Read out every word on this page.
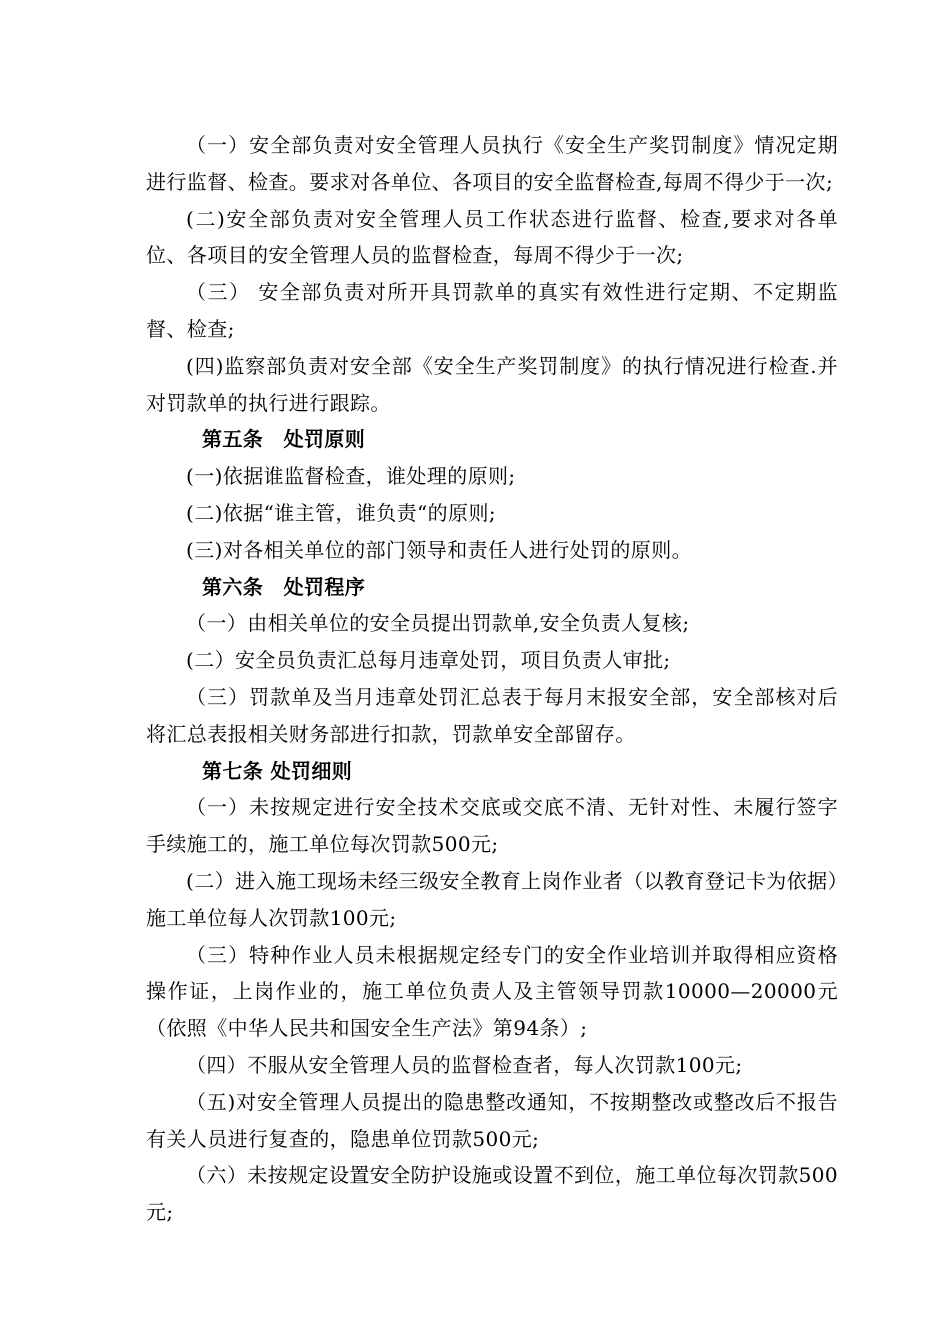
（一）安全部负责对安全管理人员执行《安全生产奖罚制度》情况定期进行监督、检查。要求对各单位、各项目的安全监督检查,每周不得少于一次;

(二)安全部负责对安全管理人员工作状态进行监督、检查,要求对各单位、各项目的安全管理人员的监督检查，每周不得少于一次;

（三） 安全部负责对所开具罚款单的真实有效性进行定期、不定期监督、检查;

(四)监察部负责对安全部《安全生产奖罚制度》的执行情况进行检查.并对罚款单的执行进行跟踪。

第五条　处罚原则

(一)依据谁监督检查，谁处理的原则;

(二)依据“谁主管，谁负责“的原则;

(三)对各相关单位的部门领导和责任人进行处罚的原则。

第六条　处罚程序

（一）由相关单位的安全员提出罚款单,安全负责人复核;

(二）安全员负责汇总每月违章处罚，项目负责人审批;

（三）罚款单及当月违章处罚汇总表于每月末报安全部，安全部核对后将汇总表报相关财务部进行扣款，罚款单安全部留存。

第七条 处罚细则

（一）未按规定进行安全技术交底或交底不清、无针对性、未履行签字手续施工的，施工单位每次罚款500元;

(二）进入施工现场未经三级安全教育上岗作业者（以教育登记卡为依据）施工单位每人次罚款100元;

（三）特种作业人员未根据规定经专门的安全作业培训并取得相应资格操作证，上岗作业的，施工单位负责人及主管领导罚款10000—20000元（依照《中华人民共和国安全生产法》第94条）;

（四）不服从安全管理人员的监督检查者，每人次罚款100元;

（五)对安全管理人员提出的隐患整改通知，不按期整改或整改后不报告有关人员进行复查的，隐患单位罚款500元;

（六）未按规定设置安全防护设施或设置不到位，施工单位每次罚款500元;
